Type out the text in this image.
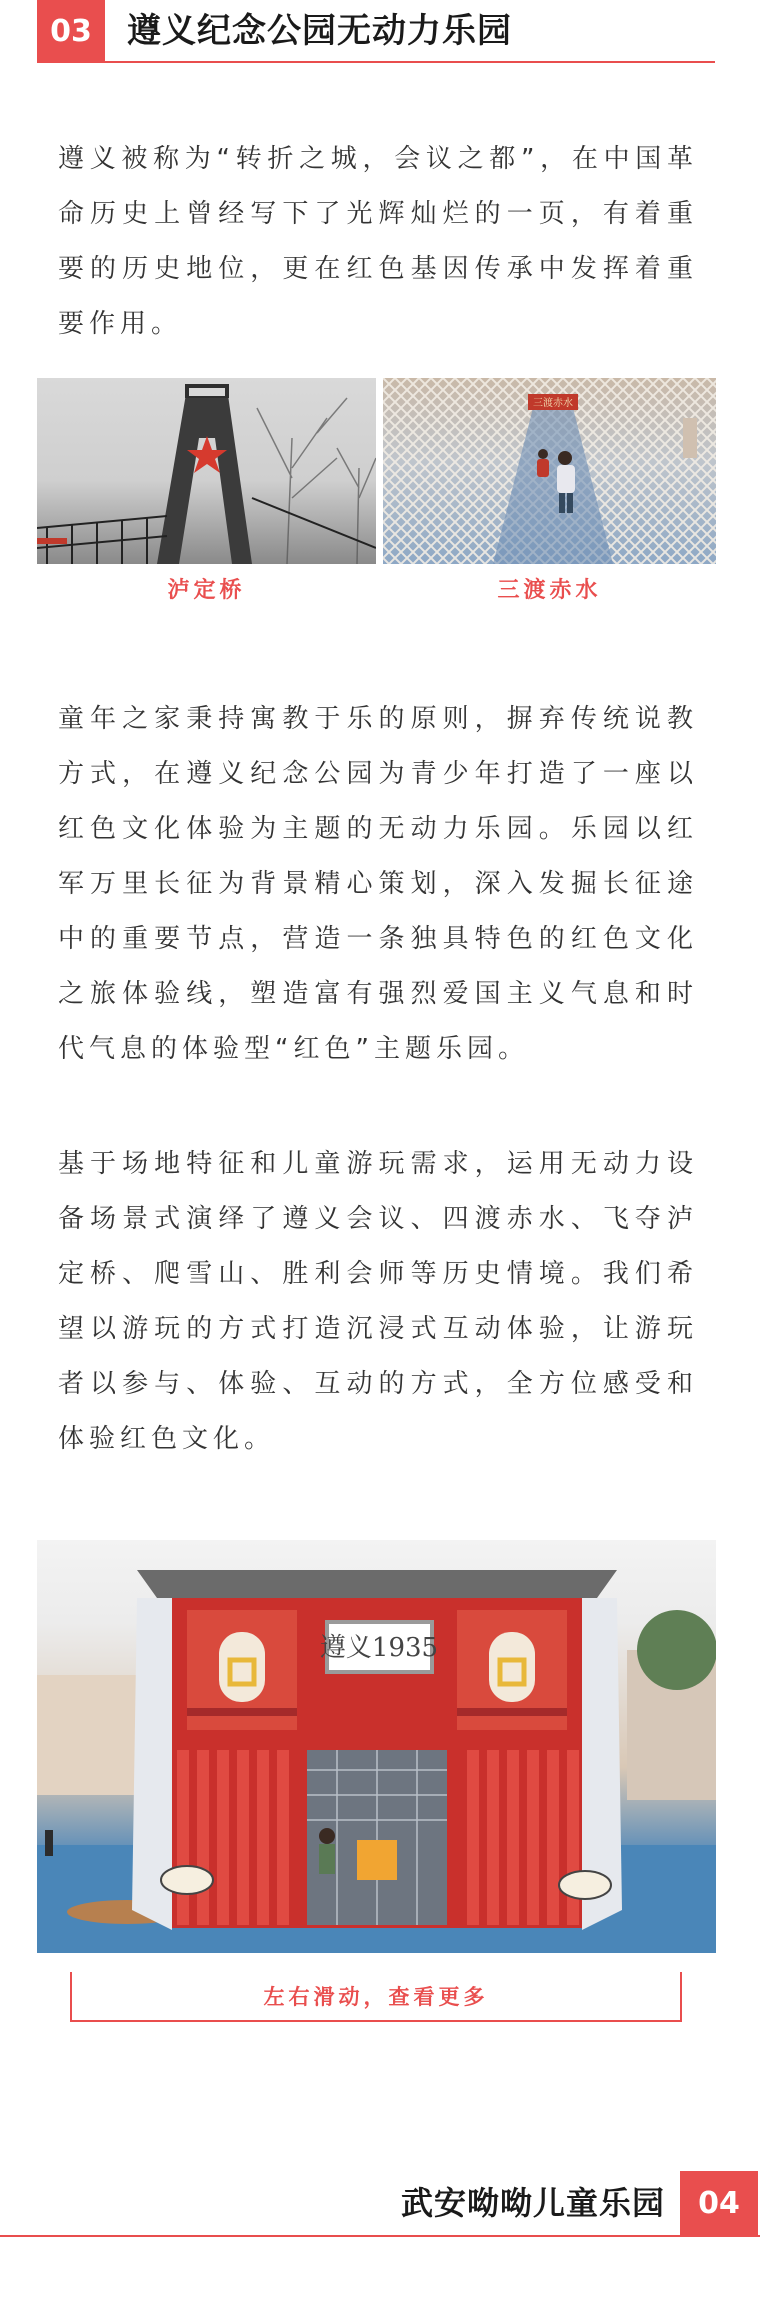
03	遵义纪念公园无动力乐园

遵义被称为“转折之城，会议之都”，在中国革命历史上曾经写下了光辉灿烂的一页，有着重要的历史地位，更在红色基因传承中发挥着重要作用。

泸定桥
三渡赤水
三渡赤水

童年之家秉持寓教于乐的原则，摒弃传统说教方式，在遵义纪念公园为青少年打造了一座以红色文化体验为主题的无动力乐园。乐园以红军万里长征为背景精心策划，深入发掘长征途中的重要节点，营造一条独具特色的红色文化之旅体验线，塑造富有强烈爱国主义气息和时代气息的体验型“红色”主题乐园。

基于场地特征和儿童游玩需求，运用无动力设备场景式演绎了遵义会议、四渡赤水、飞夺泸定桥、爬雪山、胜利会师等历史情境。我们希望以游玩的方式打造沉浸式互动体验，让游玩者以参与、体验、互动的方式，全方位感受和体验红色文化。

遵义1935
左右滑动，查看更多
武安呦呦儿童乐园	04
